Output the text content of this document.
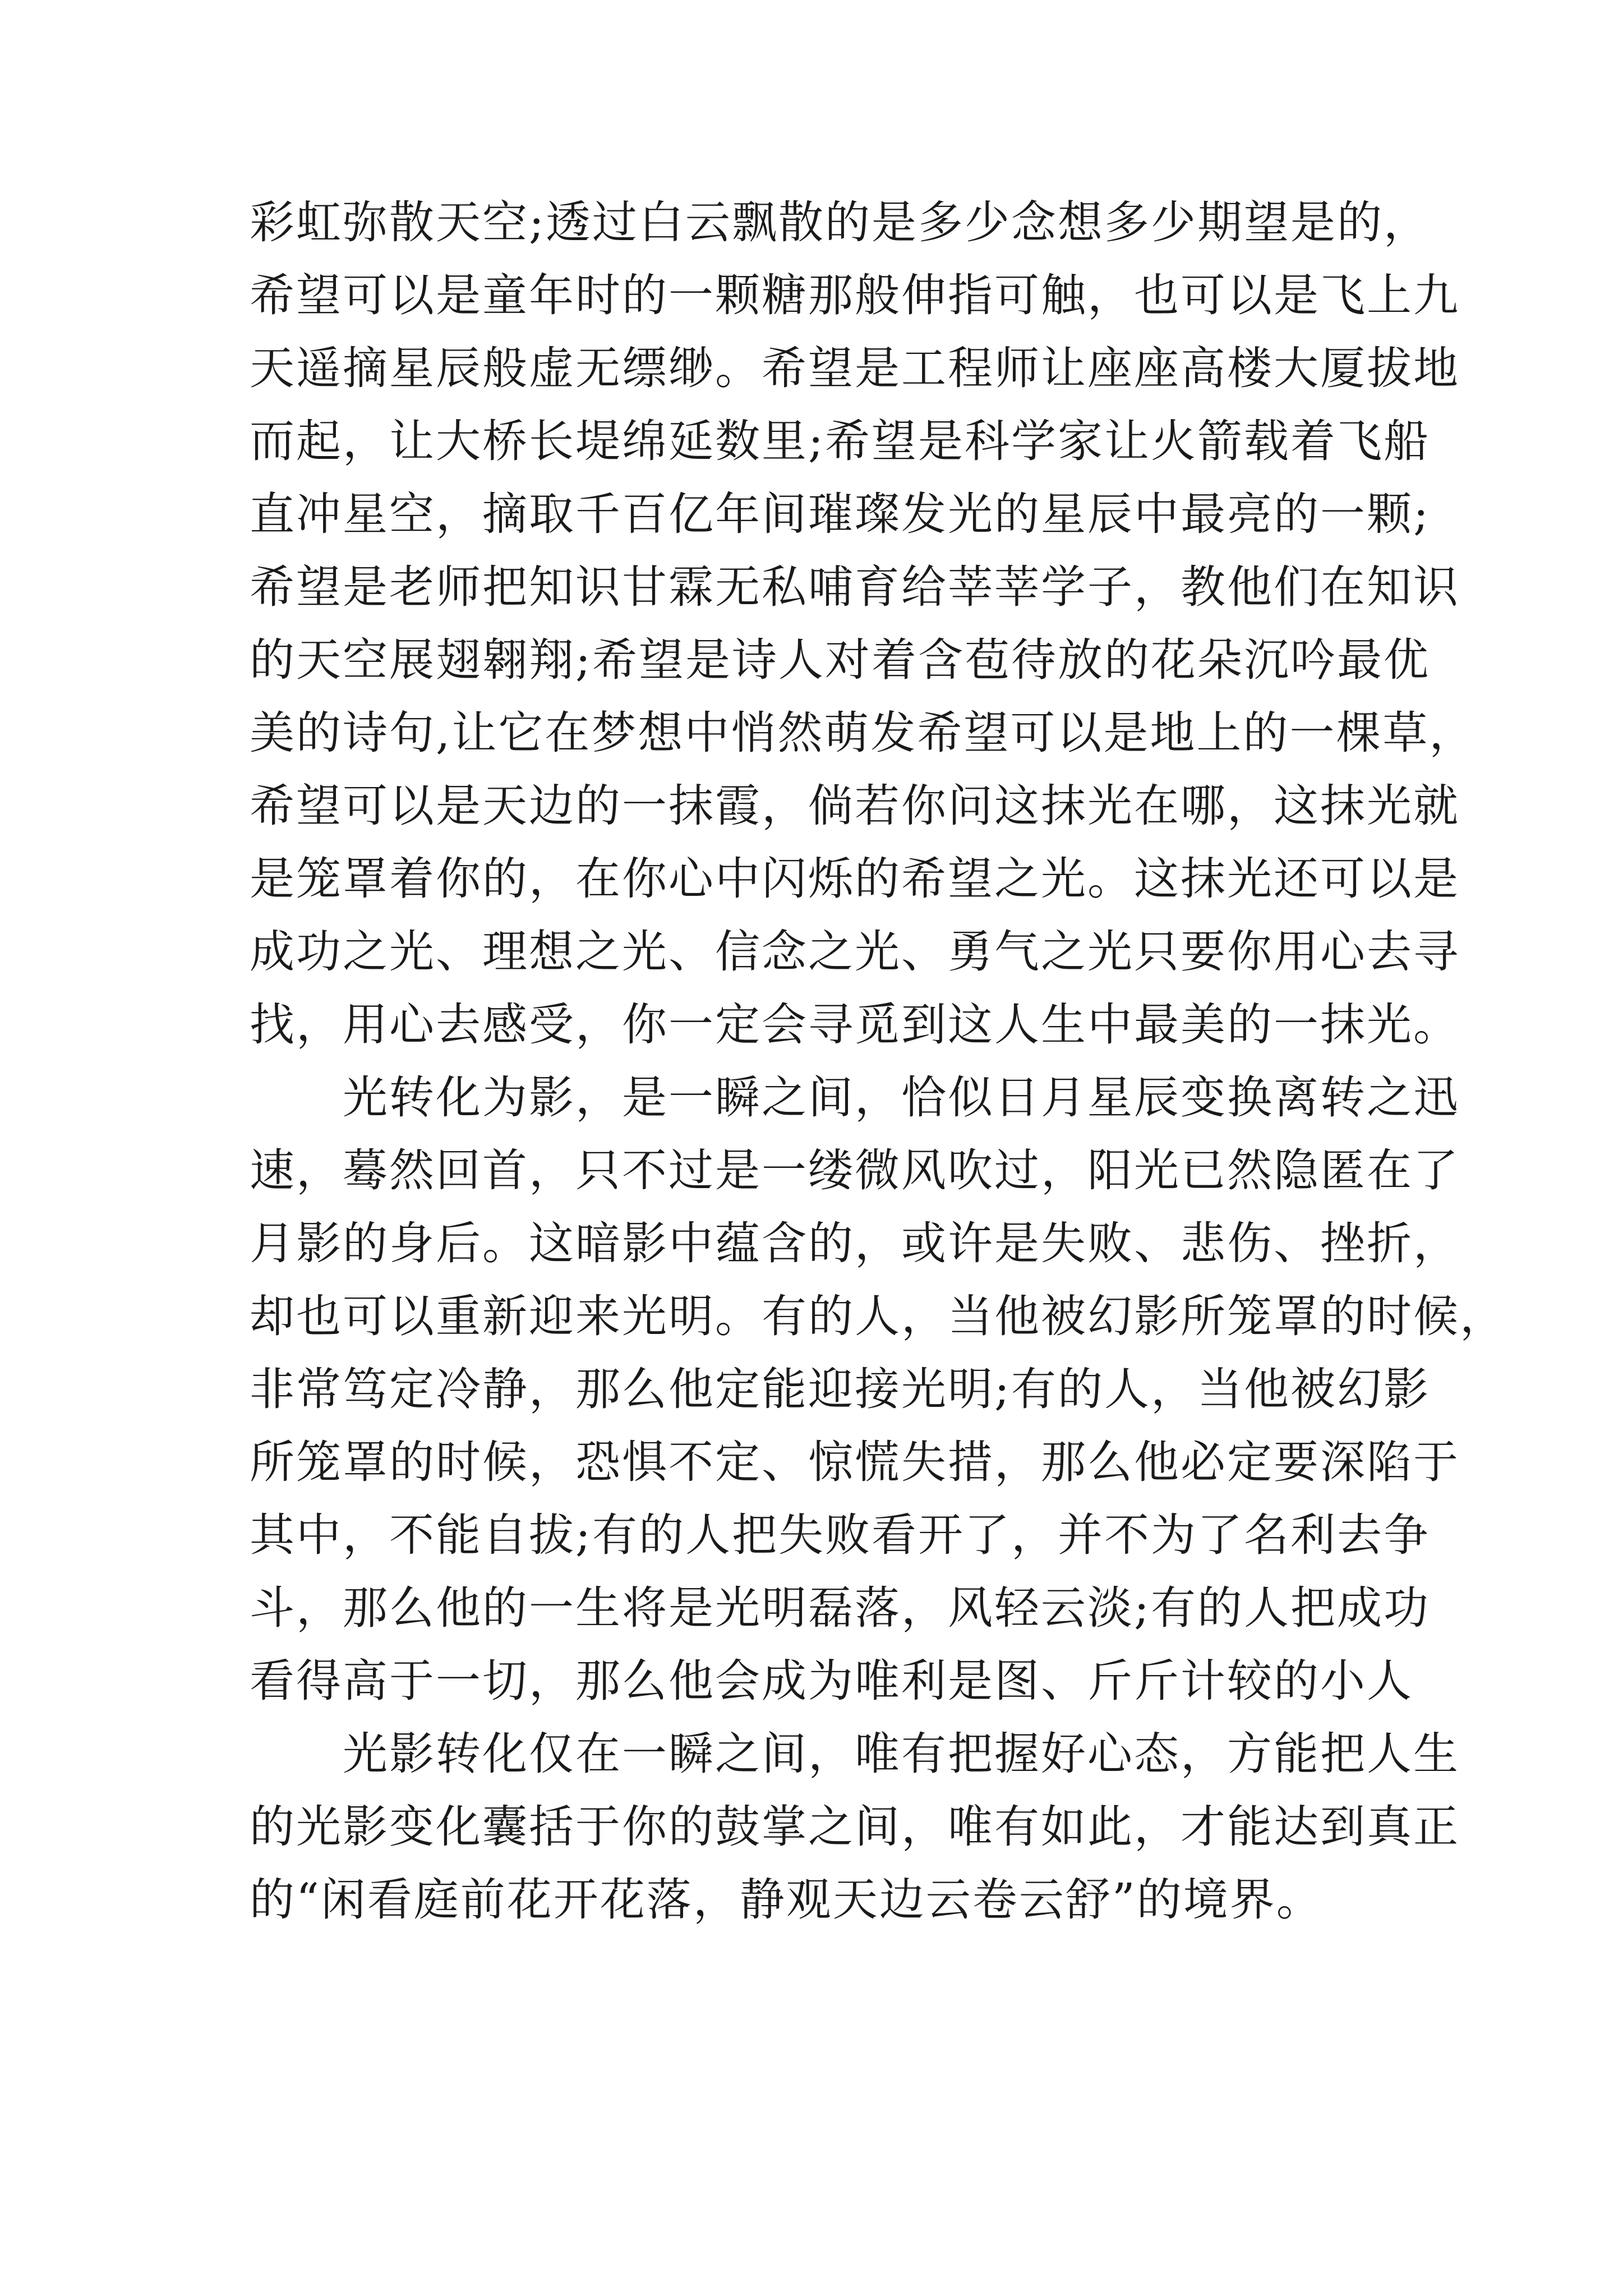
彩虹弥散天空;透过白云飘散的是多少念想多少期望是的，
希望可以是童年时的一颗糖那般伸指可触，也可以是飞上九
天遥摘星辰般虚无缥缈。希望是工程师让座座高楼大厦拔地
而起，让大桥长堤绵延数里;希望是科学家让火箭载着飞船
直冲星空，摘取千百亿年间璀璨发光的星辰中最亮的一颗;
希望是老师把知识甘霖无私哺育给莘莘学子，教他们在知识
的天空展翅翱翔;希望是诗人对着含苞待放的花朵沉吟最优
美的诗句,让它在梦想中悄然萌发希望可以是地上的一棵草，
希望可以是天边的一抹霞，倘若你问这抹光在哪，这抹光就
是笼罩着你的，在你心中闪烁的希望之光。这抹光还可以是
成功之光、理想之光、信念之光、勇气之光只要你用心去寻
找，用心去感受，你一定会寻觅到这人生中最美的一抹光。
　　光转化为影，是一瞬之间，恰似日月星辰变换离转之迅
速，蓦然回首，只不过是一缕微风吹过，阳光已然隐匿在了
月影的身后。这暗影中蕴含的，或许是失败、悲伤、挫折，
却也可以重新迎来光明。有的人，当他被幻影所笼罩的时候，
非常笃定冷静，那么他定能迎接光明;有的人，当他被幻影
所笼罩的时候，恐惧不定、惊慌失措，那么他必定要深陷于
其中，不能自拔;有的人把失败看开了，并不为了名利去争
斗，那么他的一生将是光明磊落，风轻云淡;有的人把成功
看得高于一切，那么他会成为唯利是图、斤斤计较的小人
　　光影转化仅在一瞬之间，唯有把握好心态，方能把人生
的光影变化囊括于你的鼓掌之间，唯有如此，才能达到真正
的“闲看庭前花开花落，静观天边云卷云舒”的境界。
